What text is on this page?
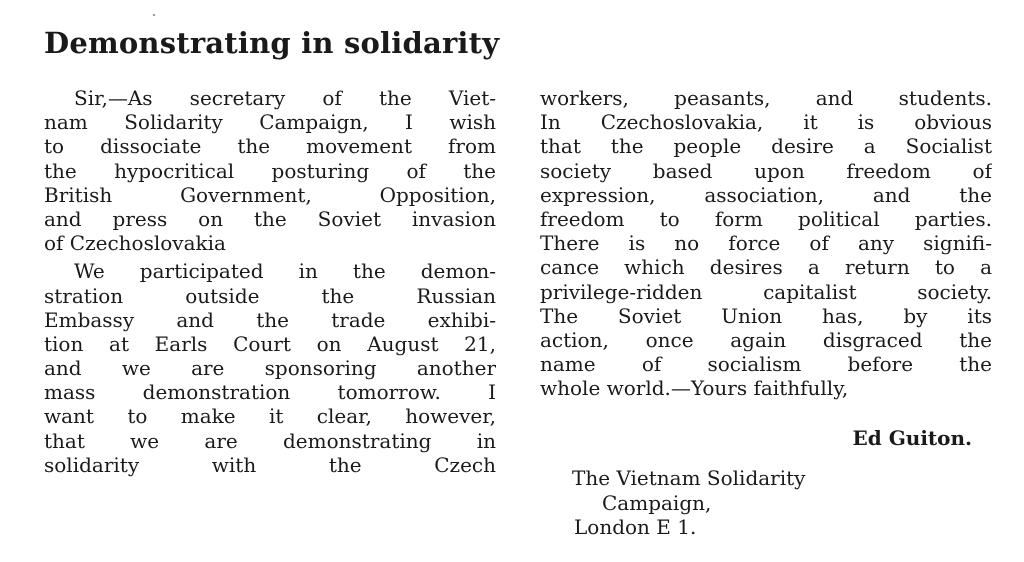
Demonstrating in solidarity
Sir,—As secretary of the Viet-
nam Solidarity Campaign, I wish
to dissociate the movement from
the hypocritical posturing of the
British Government, Opposition,
and press on the Soviet invasion
of Czechoslovakia
We participated in the demon-
stration outside the Russian
Embassy and the trade exhibi-
tion at Earls Court on August 21,
and we are sponsoring another
mass demonstration tomorrow. I
want to make it clear, however,
that we are demonstrating in
solidarity with the Czech
workers, peasants, and students.
In Czechoslovakia, it is obvious
that the people desire a Socialist
society based upon freedom of
expression, association, and the
freedom to form political parties.
There is no force of any signifi-
cance which desires a return to a
privilege-ridden capitalist society.
The Soviet Union has, by its
action, once again disgraced the
name of socialism before the
whole world.—Yours faithfully,
Ed Guiton.
The Vietnam Solidarity
Campaign,
London E 1.
